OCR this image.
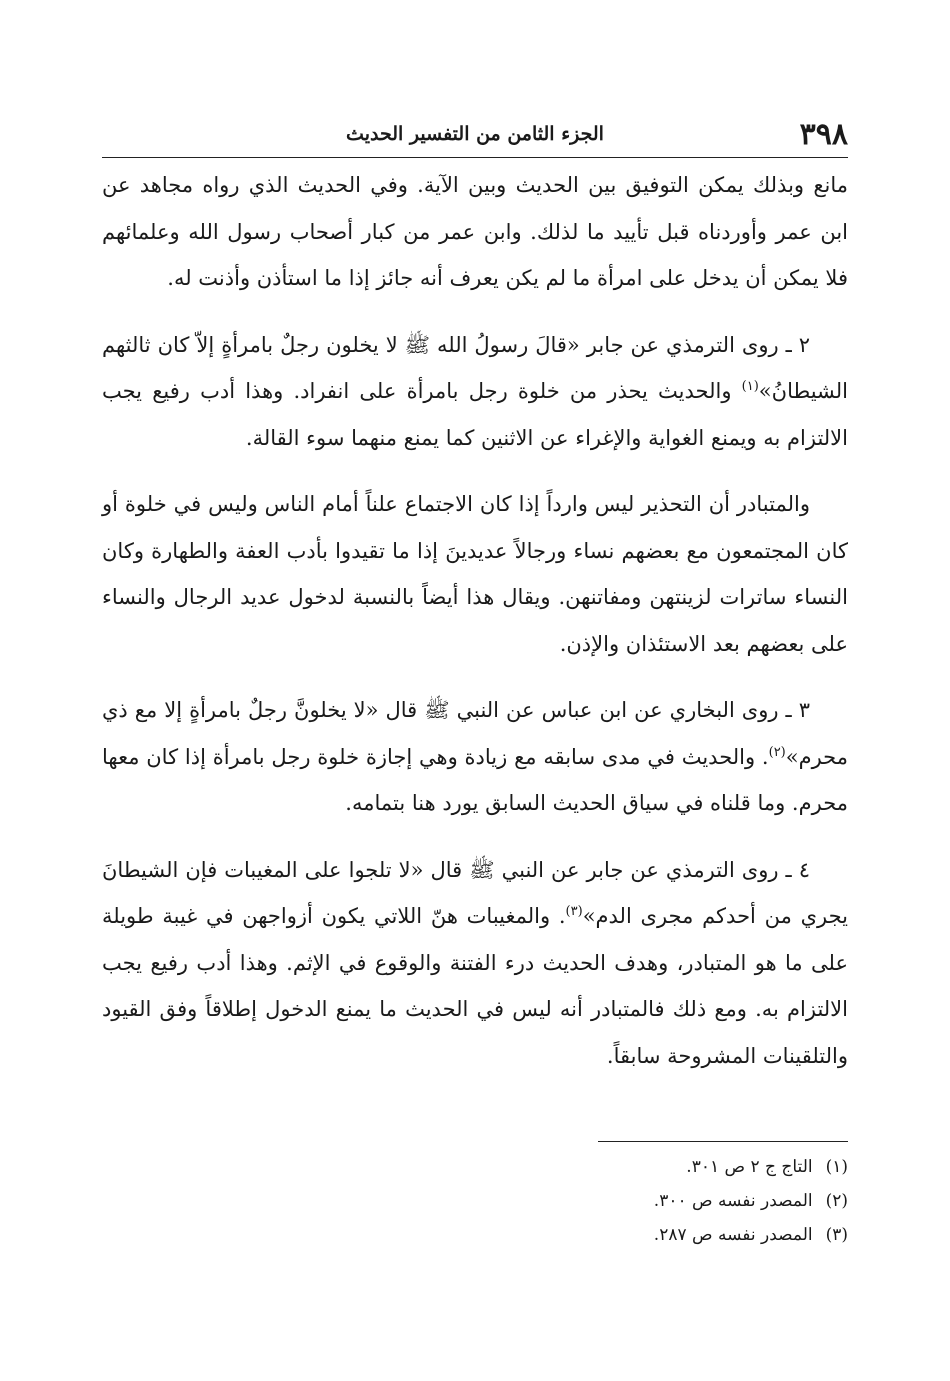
٣٩٨
الجزء الثامن من التفسير الحديث

مانع وبذلك يمكن التوفيق بين الحديث وبين الآية. وفي الحديث الذي رواه مجاهد عن ابن عمر وأوردناه قبل تأييد ما لذلك. وابن عمر من كبار أصحاب رسول الله وعلمائهم فلا يمكن أن يدخل على امرأة ما لم يكن يعرف أنه جائز إذا ما استأذن وأذنت له.

٢ ـ روى الترمذي عن جابر «قالَ رسولُ الله ﷺ لا يخلون رجلٌ بامرأةٍ إلاّ كان ثالثهم الشيطانُ»$^{(١)}$ والحديث يحذر من خلوة رجل بامرأة على انفراد. وهذا أدب رفيع يجب الالتزام به ويمنع الغواية والإغراء عن الاثنين كما يمنع منهما سوء القالة.

والمتبادر أن التحذير ليس وارداً إذا كان الاجتماع علناً أمام الناس وليس في خلوة أو كان المجتمعون مع بعضهم نساء ورجالاً عديدينَ إذا ما تقيدوا بأدب العفة والطهارة وكان النساء ساترات لزينتهن ومفاتنهن. ويقال هذا أيضاً بالنسبة لدخول عديد الرجال والنساء على بعضهم بعد الاستئذان والإذن.

٣ ـ روى البخاري عن ابن عباس عن النبي ﷺ قال «لا يخلونَّ رجلٌ بامرأةٍ إلا مع ذي محرم»$^{(٢)}$. والحديث في مدى سابقه مع زيادة وهي إجازة خلوة رجل بامرأة إذا كان معها محرم. وما قلناه في سياق الحديث السابق يورد هنا بتمامه.

٤ ـ روى الترمذي عن جابر عن النبي ﷺ قال «لا تلجوا على المغيبات فإن الشيطانَ يجري من أحدكم مجرى الدم»$^{(٣)}$. والمغيبات هنّ اللاتي يكون أزواجهن في غيبة طويلة على ما هو المتبادر، وهدف الحديث درء الفتنة والوقوع في الإثم. وهذا أدب رفيع يجب الالتزام به. ومع ذلك فالمتبادر أنه ليس في الحديث ما يمنع الدخول إطلاقاً وفق القيود والتلقينات المشروحة سابقاً.

(١) التاج ج ٢ ص ٣٠١.
(٢) المصدر نفسه ص ٣٠٠.
(٣) المصدر نفسه ص ٢٨٧.
